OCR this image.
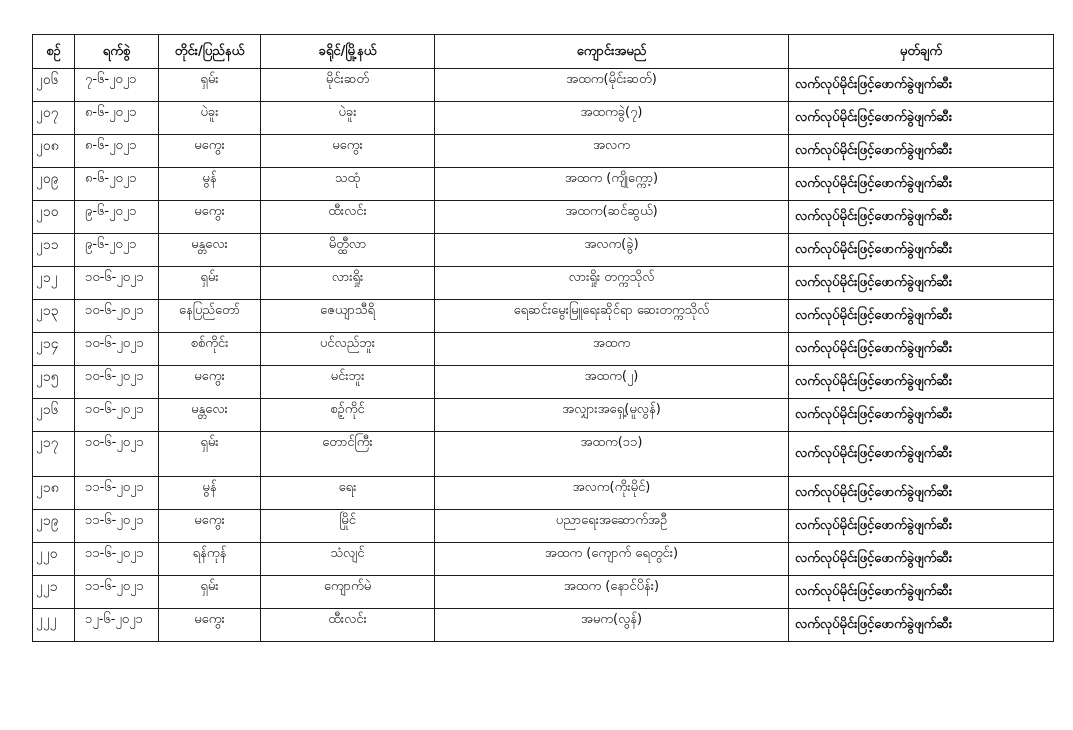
စဉ်	ရက်စွဲ	တိုင်း/ပြည်နယ်	ခရိုင်/မြို့နယ်	ကျောင်းအမည်	မှတ်ချက်
၂၀၆	၇-၆-၂၀၂၁	ရှမ်း	မိုင်းဆတ်	အထက(မိုင်းဆတ်)	လက်လုပ်မိုင်းဖြင့်ဖောက်ခွဲဖျက်ဆီး
၂၀၇	၈-၆-၂၀၂၁	ပဲခူး	ပဲခူး	အထကခွဲ(၇)	လက်လုပ်မိုင်းဖြင့်ဖောက်ခွဲဖျက်ဆီး
၂၀၈	၈-၆-၂၀၂၁	မကွေး	မကွေး	အလက	လက်လုပ်မိုင်းဖြင့်ဖောက်ခွဲဖျက်ဆီး
၂၀၉	၈-၆-၂၀၂၁	မွန်	သထုံ	အထက (ကျိုက္ကော့)	လက်လုပ်မိုင်းဖြင့်ဖောက်ခွဲဖျက်ဆီး
၂၁၀	၉-၆-၂၀၂၁	မကွေး	ထီးလင်း	အထက(ဆင်ဆွယ်)	လက်လုပ်မိုင်းဖြင့်ဖောက်ခွဲဖျက်ဆီး
၂၁၁	၉-၆-၂၀၂၁	မန္တလေး	မိတ္ထီလာ	အလက(ခွဲ)	လက်လုပ်မိုင်းဖြင့်ဖောက်ခွဲဖျက်ဆီး
၂၁၂	၁၀-၆-၂၀၂၁	ရှမ်း	လားရှိုး	လားရှိုး တက္ကသိုလ်	လက်လုပ်မိုင်းဖြင့်ဖောက်ခွဲဖျက်ဆီး
၂၁၃	၁၀-၆-၂၀၂၁	နေပြည်တော်	ဇေယျာသီရိ	ရေဆင်းမွေးမြူရေးဆိုင်ရာ ဆေးတက္ကသိုလ်	လက်လုပ်မိုင်းဖြင့်ဖောက်ခွဲဖျက်ဆီး
၂၁၄	၁၀-၆-၂၀၂၁	စစ်ကိုင်း	ပင်လည်ဘူး	အထက	လက်လုပ်မိုင်းဖြင့်ဖောက်ခွဲဖျက်ဆီး
၂၁၅	၁၀-၆-၂၀၂၁	မကွေး	မင်းဘူး	အထက(၂)	လက်လုပ်မိုင်းဖြင့်ဖောက်ခွဲဖျက်ဆီး
၂၁၆	၁၀-၆-၂၀၂၁	မန္တလေး	စဉ့်ကိုင်	အလျှားအရှေ့(မူလွန်)	လက်လုပ်မိုင်းဖြင့်ဖောက်ခွဲဖျက်ဆီး
၂၁၇	၁၀-၆-၂၀၂၁	ရှမ်း	တောင်ကြီး	အထက(၁၁)	လက်လုပ်မိုင်းဖြင့်ဖောက်ခွဲဖျက်ဆီး
၂၁၈	၁၁-၆-၂၀၂၁	မွန်	ရေး	အလက(ကိုးမိုင်)	လက်လုပ်မိုင်းဖြင့်ဖောက်ခွဲဖျက်ဆီး
၂၁၉	၁၁-၆-၂၀၂၁	မကွေး	မြိုင်	ပညာရေးအဆောက်အဦ	လက်လုပ်မိုင်းဖြင့်ဖောက်ခွဲဖျက်ဆီး
၂၂၀	၁၁-၆-၂၀၂၁	ရန်ကုန်	သံလျင်	အထက (ကျောက် ရေတွင်း)	လက်လုပ်မိုင်းဖြင့်ဖောက်ခွဲဖျက်ဆီး
၂၂၁	၁၁-၆-၂၀၂၁	ရှမ်း	ကျောက်မဲ	အထက (နောင်ပိန်း)	လက်လုပ်မိုင်းဖြင့်ဖောက်ခွဲဖျက်ဆီး
၂၂၂	၁၂-၆-၂၀၂၁	မကွေး	ထီးလင်း	အမက(လွန်)	လက်လုပ်မိုင်းဖြင့်ဖောက်ခွဲဖျက်ဆီး
